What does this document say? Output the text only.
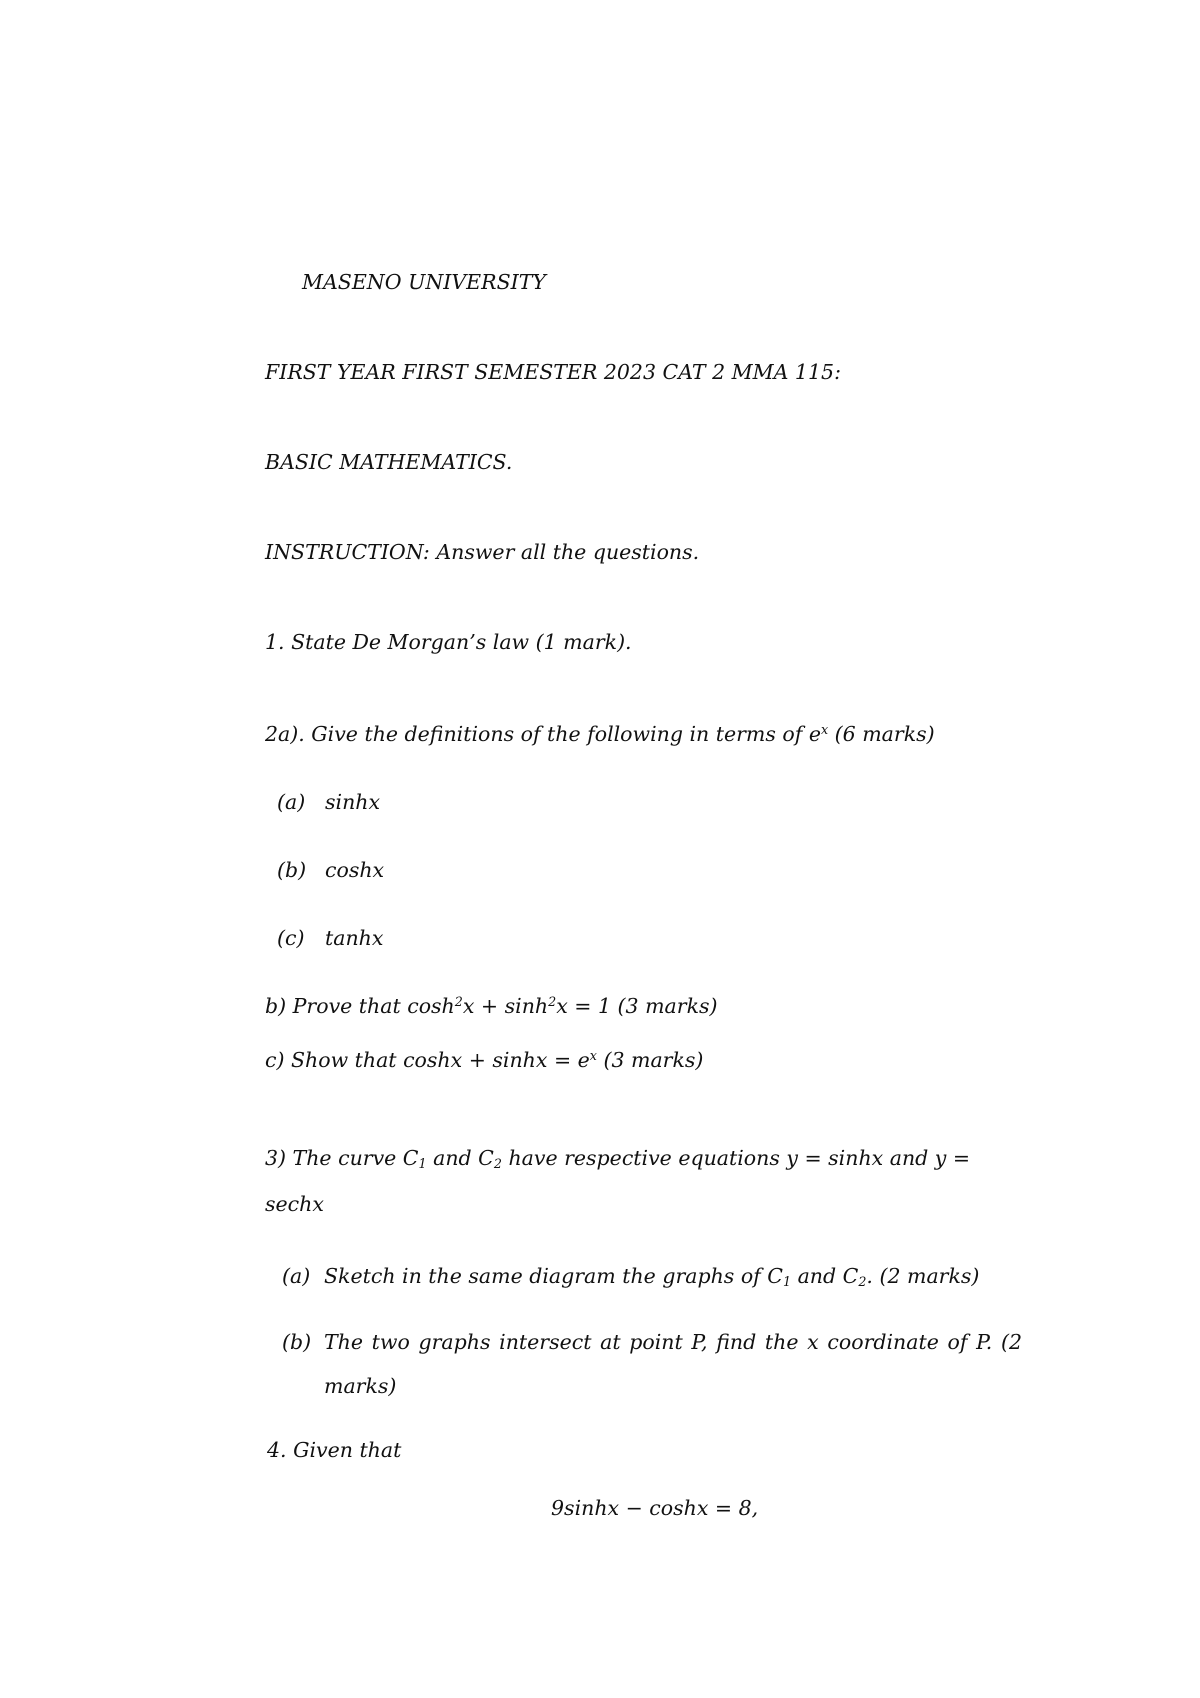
MASENO UNIVERSITY
FIRST YEAR FIRST SEMESTER 2023 CAT 2 MMA 115:
BASIC MATHEMATICS.
INSTRUCTION: Answer all the questions.
1. State De Morgan’s law (1 mark).
2a). Give the definitions of the following in terms of $e^x$ (6 marks)
(a) sinhx
(b) coshx
(c) tanhx
b) Prove that $\cosh^2x + \sinh^2x = 1$ (3 marks)
c) Show that $\cosh x + \sinh x = e^x$ (3 marks)
3) The curve $C_1$ and $C_2$ have respective equations y = sinhx and y =
sechx
(a) Sketch in the same diagram the graphs of $C_1$ and $C_2$. (2 marks)
(b) The two graphs intersect at point P, find the x coordinate of P. (2 marks)
4. Given that
9sinhx − coshx = 8,
